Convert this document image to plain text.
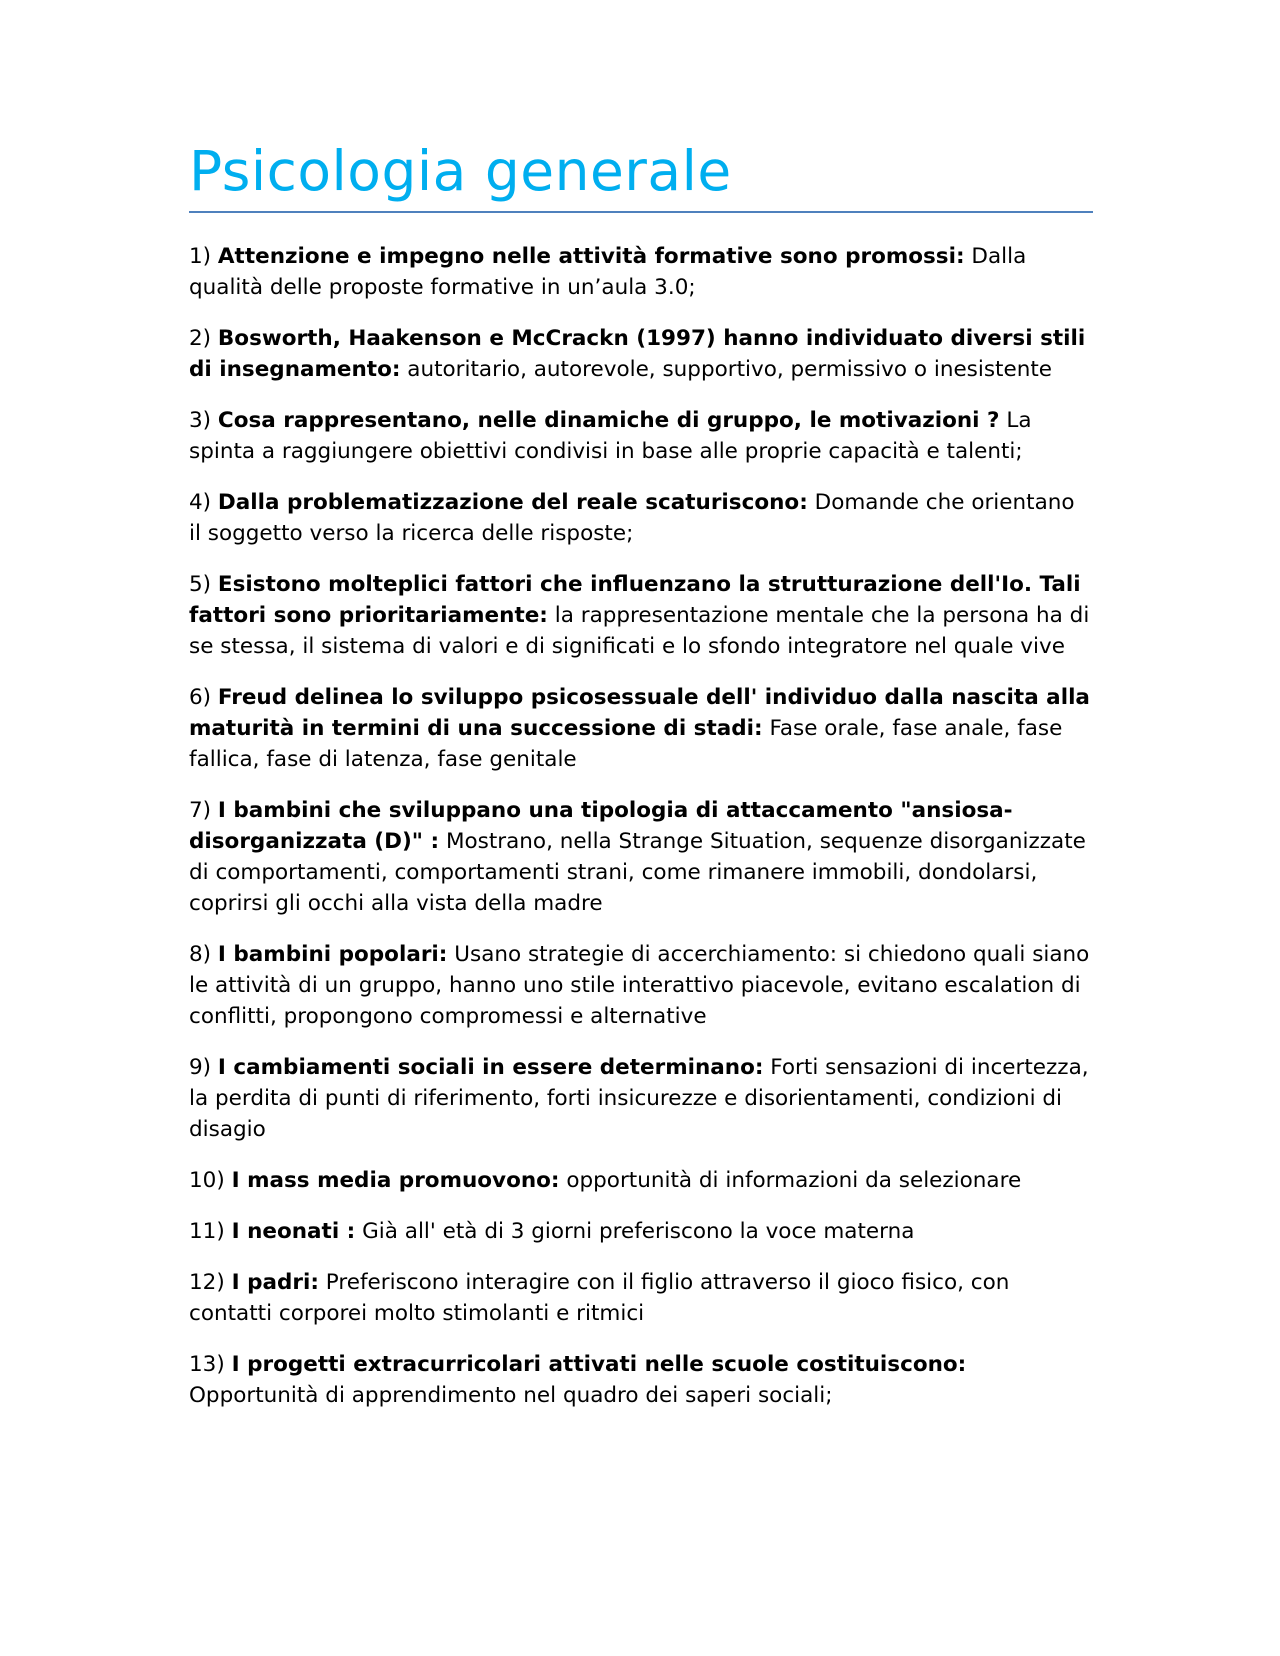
Psicologia generale

1) Attenzione e impegno nelle attività formative sono promossi: Dalla qualità delle proposte formative in un’aula 3.0;

2) Bosworth, Haakenson e McCrackn (1997) hanno individuato diversi stili di insegnamento: autoritario, autorevole, supportivo, permissivo o inesistente

3) Cosa rappresentano, nelle dinamiche di gruppo, le motivazioni ? La spinta a raggiungere obiettivi condivisi in base alle proprie capacità e talenti;

4) Dalla problematizzazione del reale scaturiscono: Domande che orientano il soggetto verso la ricerca delle risposte;

5) Esistono molteplici fattori che influenzano la strutturazione dell'Io. Tali fattori sono prioritariamente: la rappresentazione mentale che la persona ha di se stessa, il sistema di valori e di significati e lo sfondo integratore nel quale vive

6) Freud delinea lo sviluppo psicosessuale dell' individuo dalla nascita alla maturità in termini di una successione di stadi: Fase orale, fase anale, fase fallica, fase di latenza, fase genitale

7) I bambini che sviluppano una tipologia di attaccamento "ansiosa-disorganizzata (D)" : Mostrano, nella Strange Situation, sequenze disorganizzate di comportamenti, comportamenti strani, come rimanere immobili, dondolarsi, coprirsi gli occhi alla vista della madre

8) I bambini popolari: Usano strategie di accerchiamento: si chiedono quali siano le attività di un gruppo, hanno uno stile interattivo piacevole, evitano escalation di conflitti, propongono compromessi e alternative

9) I cambiamenti sociali in essere determinano: Forti sensazioni di incertezza, la perdita di punti di riferimento, forti insicurezze e disorientamenti, condizioni di disagio

10) I mass media promuovono: opportunità di informazioni da selezionare

11) I neonati : Già all' età di 3 giorni preferiscono la voce materna

12) I padri: Preferiscono interagire con il figlio attraverso il gioco fisico, con contatti corporei molto stimolanti e ritmici

13) I progetti extracurricolari attivati nelle scuole costituiscono: Opportunità di apprendimento nel quadro dei saperi sociali;
